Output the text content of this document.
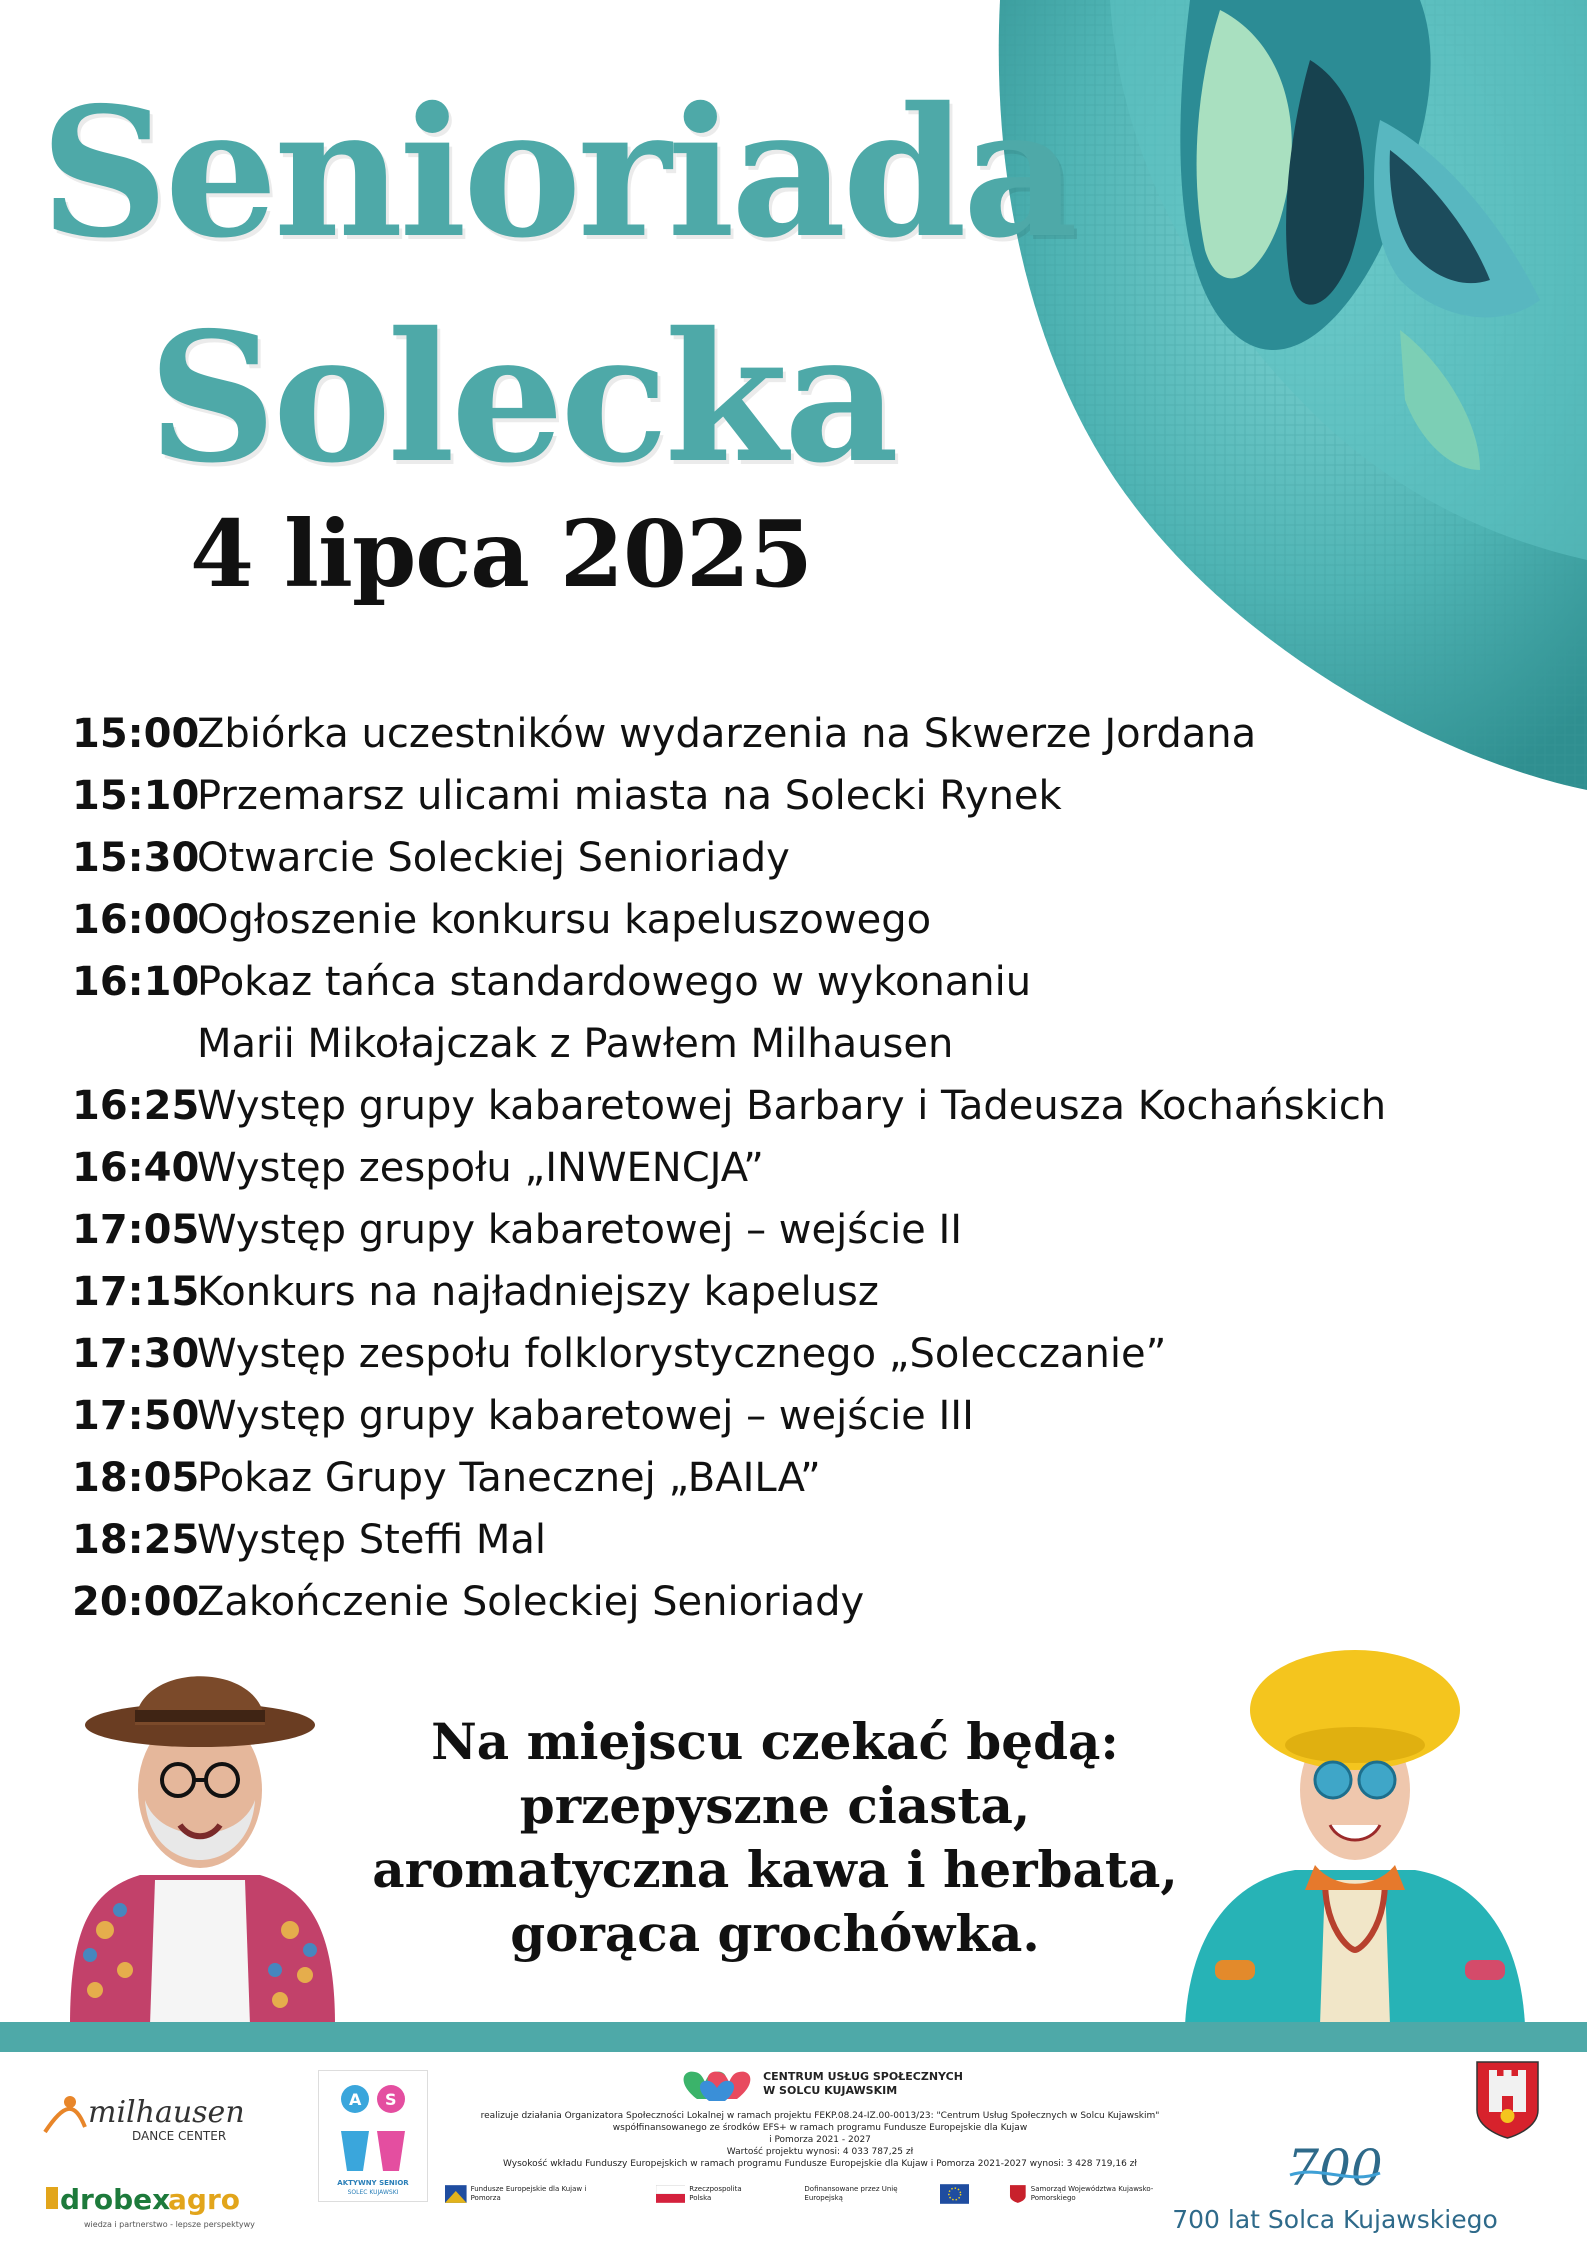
Senioriada
Solecka
4 lipca 2025
15:00
Zbiórka uczestników wydarzenia na Skwerze Jordana
15:10
Przemarsz ulicami miasta na Solecki Rynek
15:30
Otwarcie Soleckiej Senioriady
16:00
Ogłoszenie konkursu kapeluszowego
16:10
Pokaz tańca standardowego w wykonaniu
Marii Mikołajczak z Pawłem Milhausen
16:25
Występ grupy kabaretowej Barbary i Tadeusza Kochańskich
16:40
Występ zespołu „INWENCJA”
17:05
Występ grupy kabaretowej – wejście II
17:15
Konkurs na najładniejszy kapelusz
17:30
Występ zespołu folklorystycznego „Solecczanie”
17:50
Występ grupy kabaretowej – wejście III
18:05
Pokaz Grupy Tanecznej „BAILA”
18:25
Występ Steffi Mal
20:00
Zakończenie Soleckiej Senioriady
Na miejscu czekać będą:
przepyszne ciasta,
aromatyczna kawa i herbata,
gorąca grochówka.
milhausen
DANCE CENTER
drobex
agro
wiedza i partnerstwo - lepsze perspektywy
A S
AKTYWNY SENIOR
SOLEC KUJAWSKI
CENTRUM USŁUG SPOŁECZNYCH
W SOLCU KUJAWSKIM
realizuje działania Organizatora Społeczności Lokalnej w ramach projektu FEKP.08.24-IZ.00-0013/23: "Centrum Usług Społecznych w Solcu Kujawskim"
współfinansowanego ze środków EFS+ w ramach programu Fundusze Europejskie dla Kujaw
i Pomorza 2021 - 2027
Wartość projektu wynosi: 4 033 787,25 zł
Wysokość wkładu Funduszy Europejskich w ramach programu Fundusze Europejskie dla Kujaw i Pomorza 2021-2027 wynosi: 3 428 719,16 zł
Fundusze Europejskie dla Kujaw i Pomorza
Rzeczpospolita Polska
Dofinansowane przez Unię Europejską
Samorząd Województwa Kujawsko-Pomorskiego
700
700 lat Solca Kujawskiego
